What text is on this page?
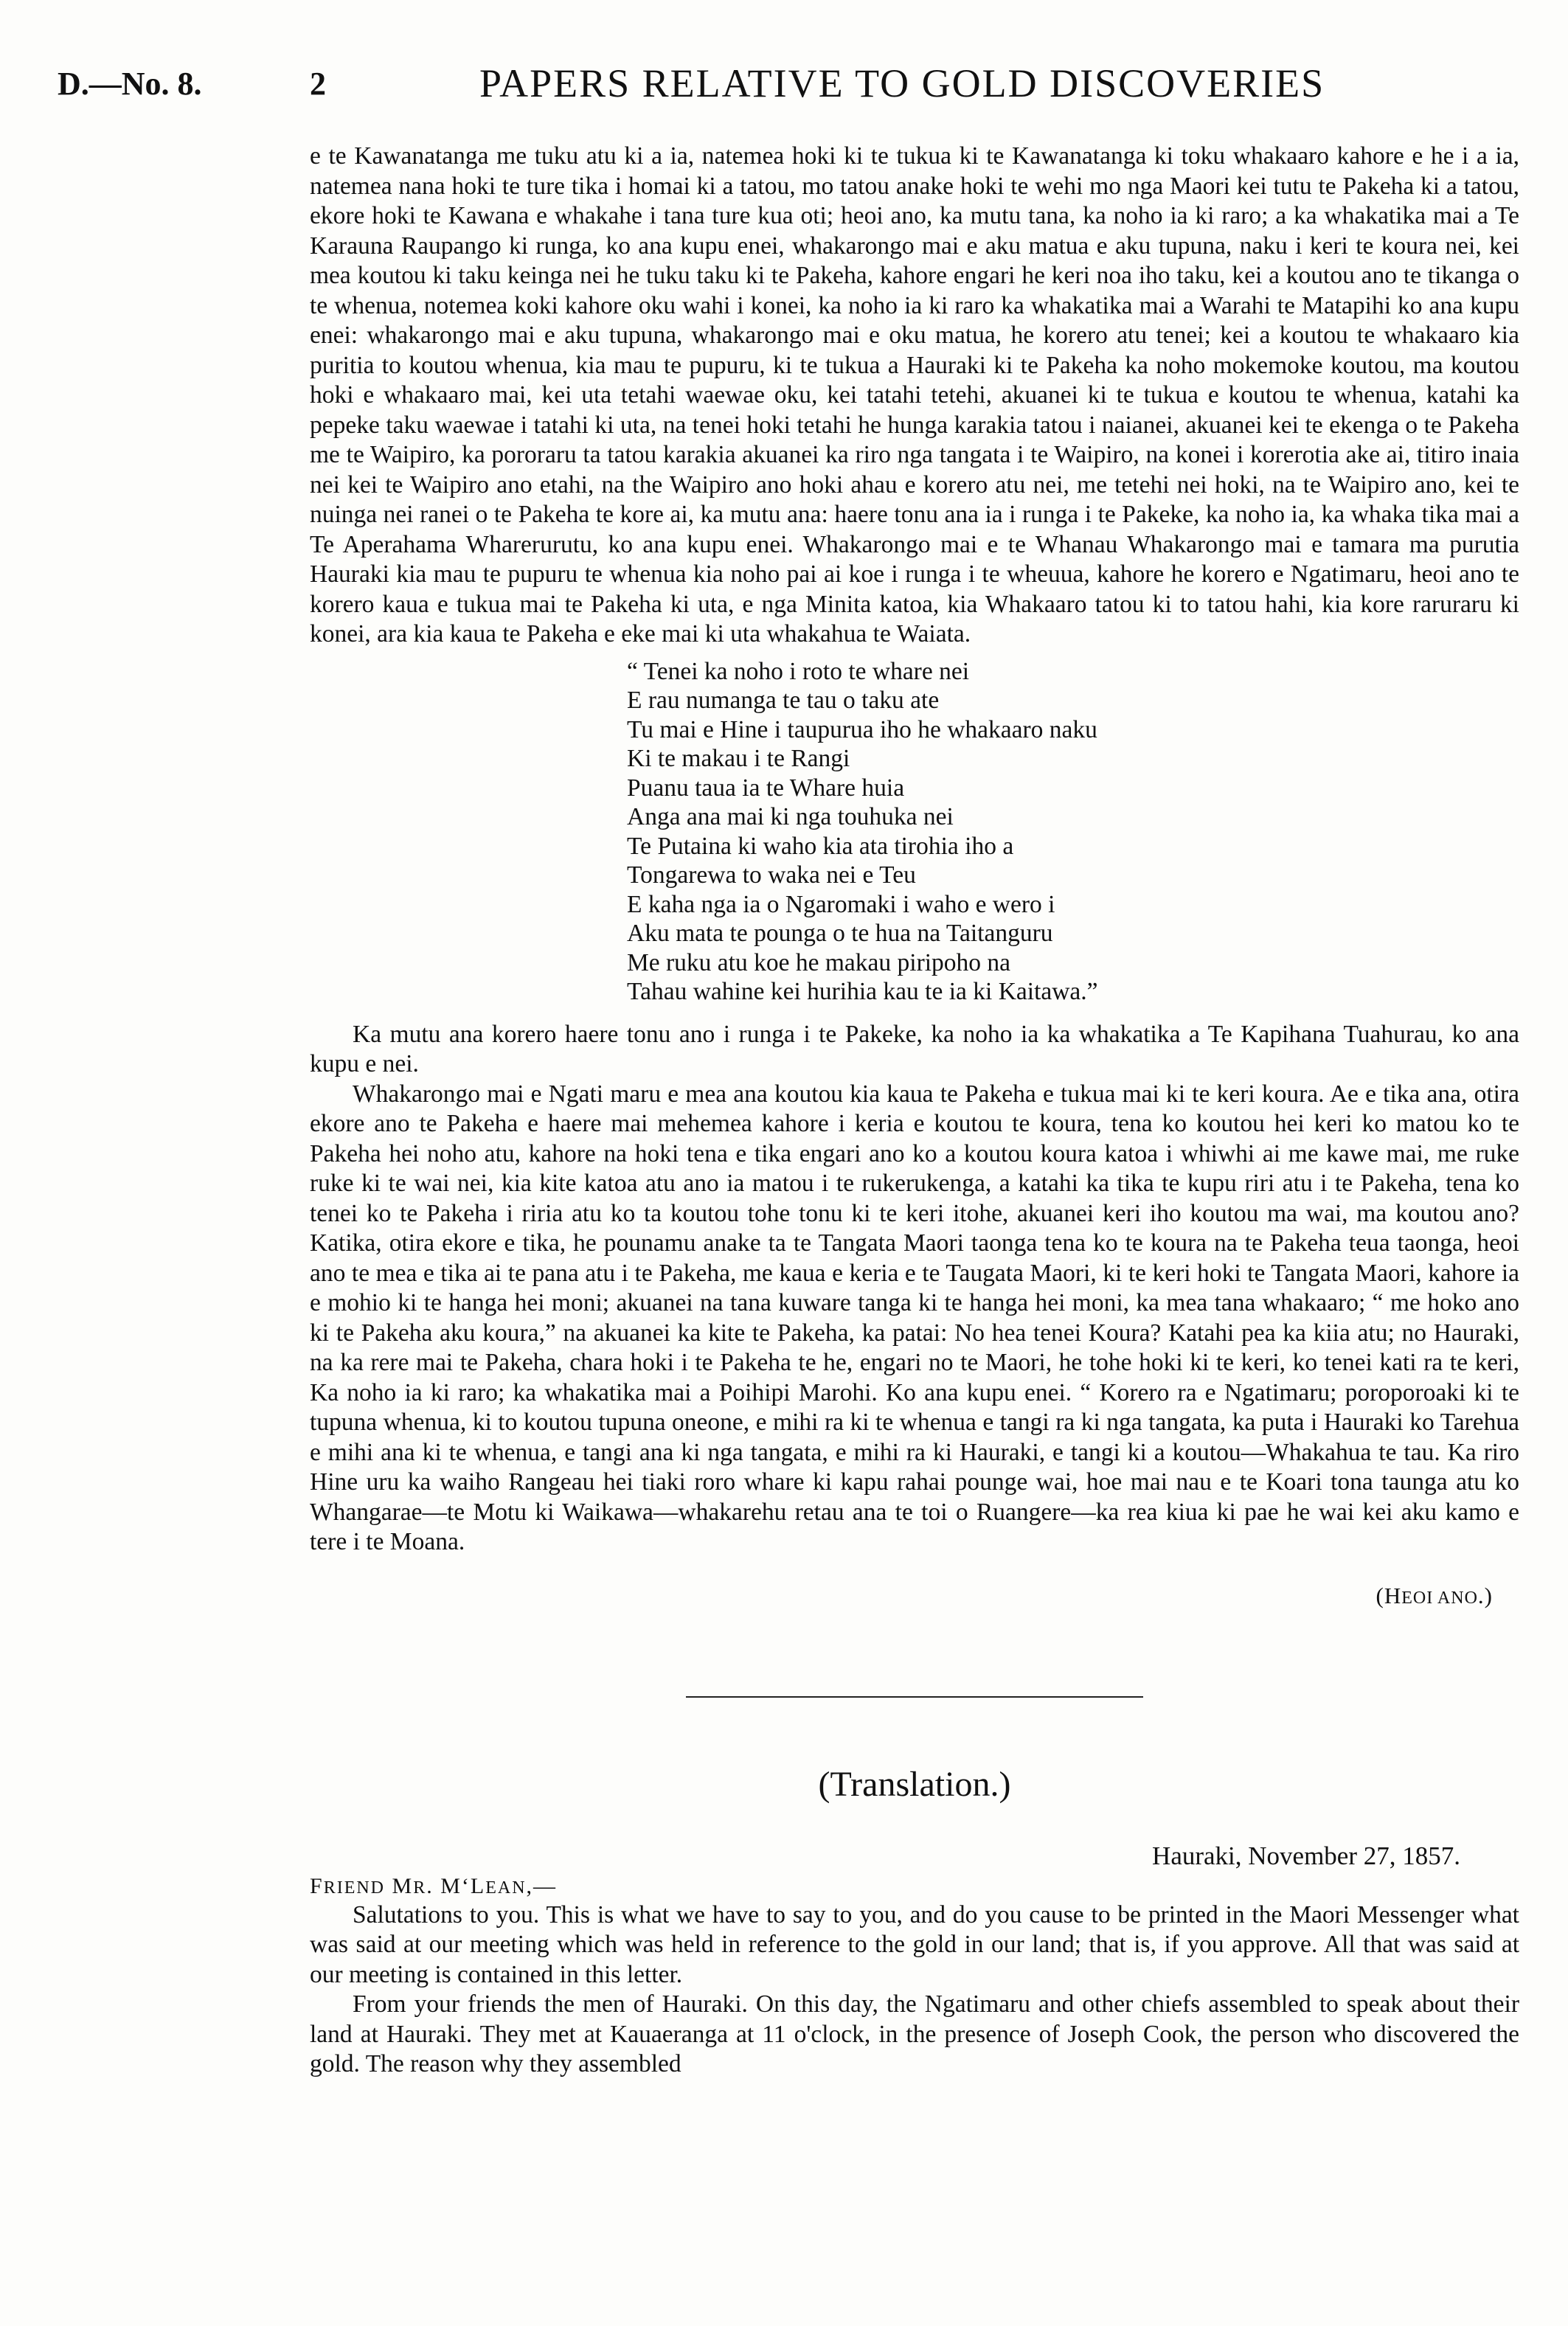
D.—No. 8.	2	PAPERS RELATIVE TO GOLD DISCOVERIES

e te Kawanatanga me tuku atu ki a ia, natemea hoki ki te tukua ki te Kawanatanga ki toku whakaaro kahore e he i a ia, natemea nana hoki te ture tika i homai ki a tatou, mo tatou anake hoki te wehi mo nga Maori kei tutu te Pakeha ki a tatou, ekore hoki te Kawana e whakahe i tana ture kua oti; heoi ano, ka mutu tana, ka noho ia ki raro; a ka whakatika mai a Te Karauna Raupango ki runga, ko ana kupu enei, whakarongo mai e aku matua e aku tupuna, naku i keri te koura nei, kei mea koutou ki taku keinga nei he tuku taku ki te Pakeha, kahore engari he keri noa iho taku, kei a koutou ano te tikanga o te whenua, notemea koki kahore oku wahi i konei, ka noho ia ki raro ka whakatika mai a Warahi te Matapihi ko ana kupu enei: whakarongo mai e aku tupuna, whakarongo mai e oku matua, he korero atu tenei; kei a koutou te whakaaro kia puritia to koutou whenua, kia mau te pupuru, ki te tukua a Hauraki ki te Pakeha ka noho mokemoke koutou, ma koutou hoki e whakaaro mai, kei uta tetahi waewae oku, kei tatahi tetehi, akuanei ki te tukua e koutou te whenua, katahi ka pepeke taku waewae i tatahi ki uta, na tenei hoki tetahi he hunga karakia tatou i naianei, akuanei kei te ekenga o te Pakeha me te Waipiro, ka pororaru ta tatou karakia akuanei ka riro nga tangata i te Waipiro, na konei i korerotia ake ai, titiro inaia nei kei te Waipiro ano etahi, na the Waipiro ano hoki ahau e korero atu nei, me tetehi nei hoki, na te Waipiro ano, kei te nuinga nei ranei o te Pakeha te kore ai, ka mutu ana: haere tonu ana ia i runga i te Pakeke, ka noho ia, ka whaka tika mai a Te Aperahama Wharerurutu, ko ana kupu enei. Whakarongo mai e te Whanau Whakarongo mai e tamara ma purutia Hauraki kia mau te pupuru te whenua kia noho pai ai koe i runga i te wheuua, kahore he korero e Ngatimaru, heoi ano te korero kaua e tukua mai te Pakeha ki uta, e nga Minita katoa, kia Whakaaro tatou ki to tatou hahi, kia kore raruraru ki konei, ara kia kaua te Pakeha e eke mai ki uta whakahua te Waiata.

“ Tenei ka noho i roto te whare nei
E rau numanga te tau o taku ate
Tu mai e Hine i taupurua iho he whakaaro naku
Ki te makau i te Rangi
Puanu taua ia te Whare huia
Anga ana mai ki nga touhuka nei
Te Putaina ki waho kia ata tirohia iho a
Tongarewa to waka nei e Teu
E kaha nga ia o Ngaromaki i waho e wero i
Aku mata te pounga o te hua na Taitanguru
Me ruku atu koe he makau piripoho na
Tahau wahine kei hurihia kau te ia ki Kaitawa.”

Ka mutu ana korero haere tonu ano i runga i te Pakeke, ka noho ia ka whakatika a Te Kapihana Tuahurau, ko ana kupu e nei.

Whakarongo mai e Ngati maru e mea ana koutou kia kaua te Pakeha e tukua mai ki te keri koura. Ae e tika ana, otira ekore ano te Pakeha e haere mai mehemea kahore i keria e koutou te koura, tena ko koutou hei keri ko matou ko te Pakeha hei noho atu, kahore na hoki tena e tika engari ano ko a koutou koura katoa i whiwhi ai me kawe mai, me ruke ruke ki te wai nei, kia kite katoa atu ano ia matou i te rukerukenga, a katahi ka tika te kupu riri atu i te Pakeha, tena ko tenei ko te Pakeha i riria atu ko ta koutou tohe tonu ki te keri itohe, akuanei keri iho koutou ma wai, ma koutou ano? Katika, otira ekore e tika, he pounamu anake ta te Tangata Maori taonga tena ko te koura na te Pakeha teua taonga, heoi ano te mea e tika ai te pana atu i te Pakeha, me kaua e keria e te Taugata Maori, ki te keri hoki te Tangata Maori, kahore ia e mohio ki te hanga hei moni; akuanei na tana kuware tanga ki te hanga hei moni, ka mea tana whakaaro; “ me hoko ano ki te Pakeha aku koura,” na akuanei ka kite te Pakeha, ka patai: No hea tenei Koura? Katahi pea ka kiia atu; no Hauraki, na ka rere mai te Pakeha, chara hoki i te Pakeha te he, engari no te Maori, he tohe hoki ki te keri, ko tenei kati ra te keri, Ka noho ia ki raro; ka whakatika mai a Poihipi Marohi. Ko ana kupu enei. “ Korero ra e Ngatimaru; poroporoaki ki te tupuna whenua, ki to koutou tupuna oneone, e mihi ra ki te whenua e tangi ra ki nga tangata, ka puta i Hauraki ko Tarehua e mihi ana ki te whenua, e tangi ana ki nga tangata, e mihi ra ki Hauraki, e tangi ki a koutou—Whakahua te tau. Ka riro Hine uru ka waiho Rangeau hei tiaki roro whare ki kapu rahai pounge wai, hoe mai nau e te Koari tona taunga atu ko Whangarae—te Motu ki Waikawa—whakarehu retau ana te toi o Ruangere—ka rea kiua ki pae he wai kei aku kamo e tere i te Moana.

(HEOI ANO.)
(Translation.)
Hauraki, November 27, 1857.
FRIEND MR. M‘LEAN,—

Salutations to you. This is what we have to say to you, and do you cause to be printed in the Maori Messenger what was said at our meeting which was held in reference to the gold in our land; that is, if you approve. All that was said at our meeting is contained in this letter.

From your friends the men of Hauraki. On this day, the Ngatimaru and other chiefs assembled to speak about their land at Hauraki. They met at Kauaeranga at 11 o'clock, in the presence of Joseph Cook, the person who discovered the gold. The reason why they assembled
